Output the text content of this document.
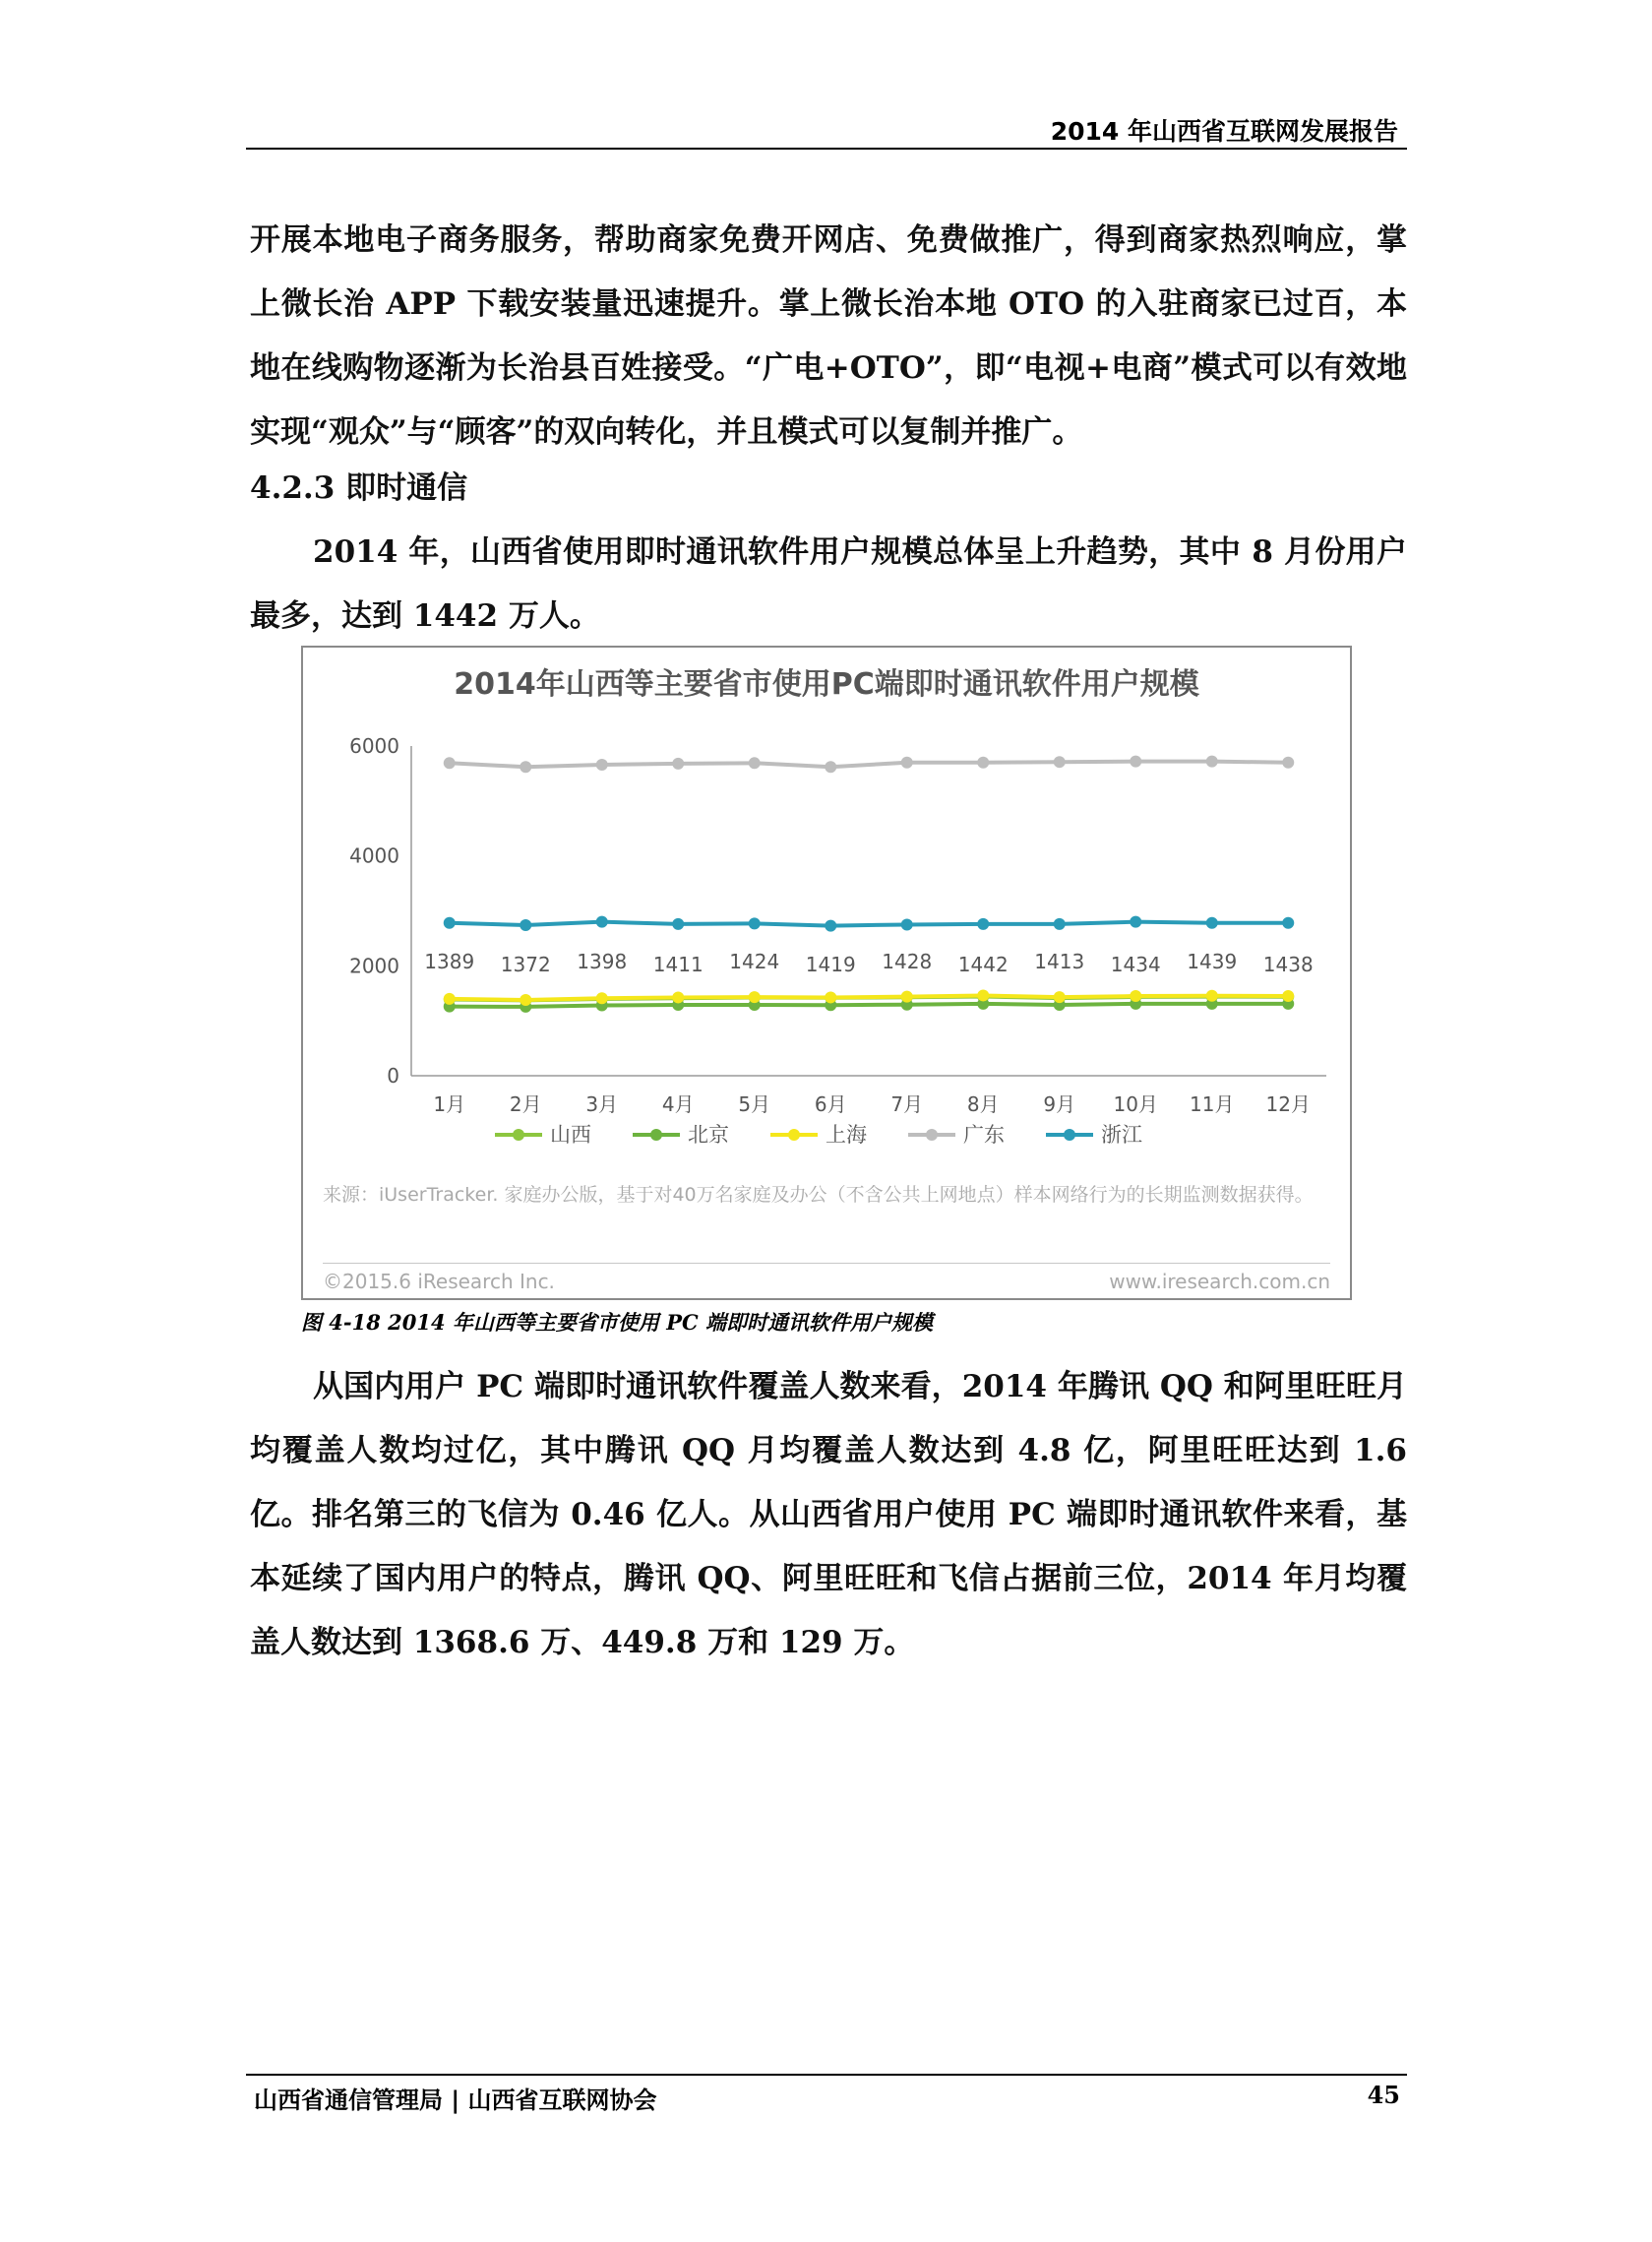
2014 年山西省互联网发展报告

开展本地电子商务服务，帮助商家免费开网店、免费做推广，得到商家热烈响应，掌上微长治 APP 下载安装量迅速提升。掌上微长治本地 OTO 的入驻商家已过百，本地在线购物逐渐为长治县百姓接受。“广电+OTO”，即“电视+电商”模式可以有效地实现“观众”与“顾客”的双向转化，并且模式可以复制并推广。

4.2.3 即时通信

2014 年，山西省使用即时通讯软件用户规模总体呈上升趋势，其中 8 月份用户最多，达到 1442 万人。

2014年山西等主要省市使用PC端即时通讯软件用户规模
0
2000
4000
6000
1月 2月 3月 4月 5月 6月 7月 8月 9月 10月 11月 12月
1389 1372 1398 1411 1424 1419 1428 1442 1413 1434 1439 1438
山西	北京	上海	广东	浙江

来源：iUserTracker. 家庭办公版，基于对40万名家庭及办公（不含公共上网地点）样本网络行为的长期监测数据获得。

©2015.6 iResearch Inc.	www.iresearch.com.cn
图 4-18 2014 年山西等主要省市使用 PC 端即时通讯软件用户规模

从国内用户 PC 端即时通讯软件覆盖人数来看，2014 年腾讯 QQ 和阿里旺旺月均覆盖人数均过亿，其中腾讯 QQ 月均覆盖人数达到 4.8 亿，阿里旺旺达到 1.6 亿。排名第三的飞信为 0.46 亿人。从山西省用户使用 PC 端即时通讯软件来看，基本延续了国内用户的特点，腾讯 QQ、阿里旺旺和飞信占据前三位，2014 年月均覆盖人数达到 1368.6 万、449.8 万和 129 万。

山西省通信管理局 | 山西省互联网协会	45
